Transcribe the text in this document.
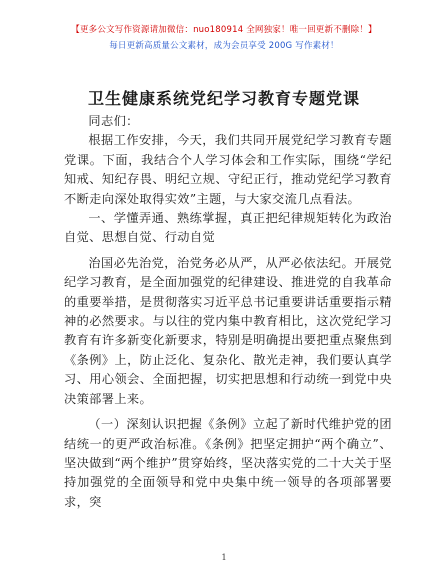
【更多公文写作资源请加微信：nuo180914 全网独家！唯一回更新不删除！】
每日更新高质量公文素材，成为会员享受 200G 写作素材！
卫生健康系统党纪学习教育专题党课

同志们：

根据工作安排，今天，我们共同开展党纪学习教育专题党课。下面，我结合个人学习体会和工作实际，围绕“学纪知戒、知纪存畏、明纪立规、守纪正行，推动党纪学习教育不断走向深处取得实效”主题，与大家交流几点看法。

一、学懂弄通、熟练掌握，真正把纪律规矩转化为政治自觉、思想自觉、行动自觉

治国必先治党，治党务必从严，从严必依法纪。开展党纪学习教育，是全面加强党的纪律建设、推进党的自我革命的重要举措，是贯彻落实习近平总书记重要讲话重要指示精神的必然要求。与以往的党内集中教育相比，这次党纪学习教育有许多新变化新要求，特别是明确提出要把重点聚焦到《条例》上，防止泛化、复杂化、散光走神，我们要认真学习、用心领会、全面把握，切实把思想和行动统一到党中央决策部署上来。

（一）深刻认识把握《条例》立起了新时代维护党的团结统一的更严政治标准。《条例》把坚定拥护“两个确立”、坚决做到“两个维护”贯穿始终，坚决落实党的二十大关于坚持加强党的全面领导和党中央集中统一领导的各项部署要求，突

1
